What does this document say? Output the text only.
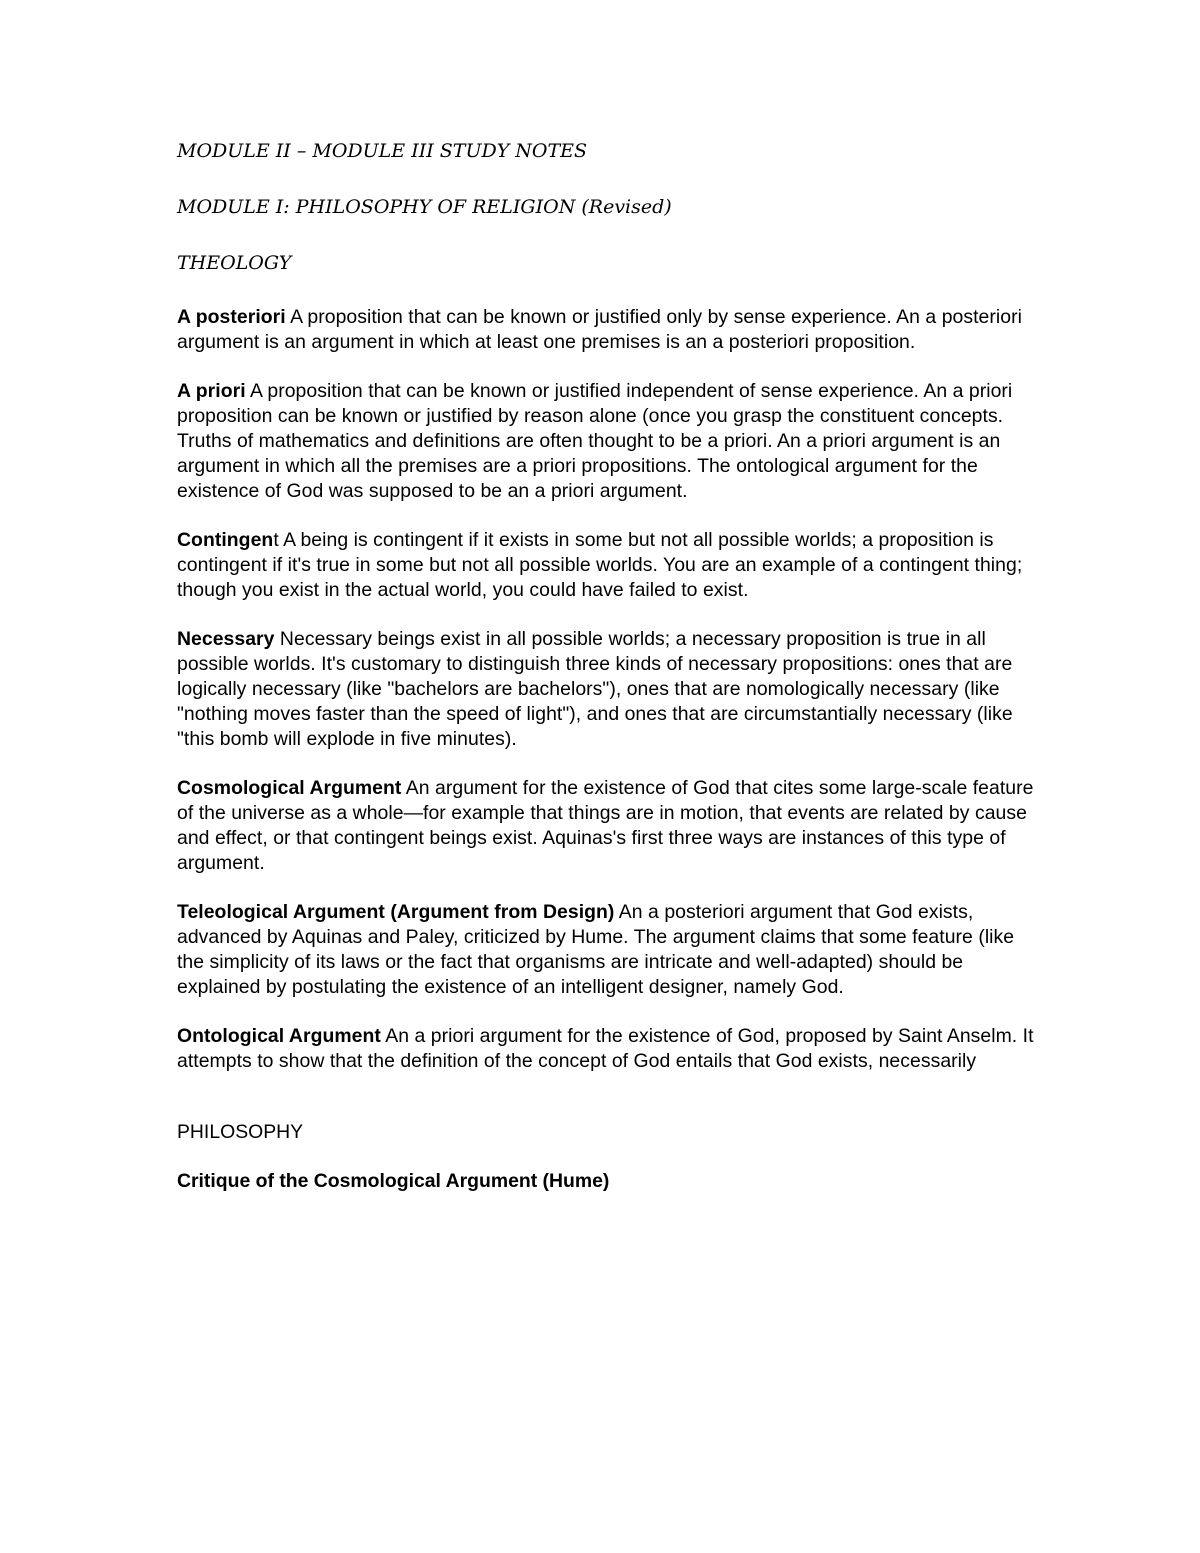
MODULE II – MODULE III STUDY NOTES
MODULE I: PHILOSOPHY OF RELIGION (Revised)
THEOLOGY
A posteriori A proposition that can be known or justified only by sense experience. An a posteriori argument is an argument in which at least one premises is an a posteriori proposition.
A priori A proposition that can be known or justified independent of sense experience. An a priori proposition can be known or justified by reason alone (once you grasp the constituent concepts. Truths of mathematics and definitions are often thought to be a priori. An a priori argument is an argument in which all the premises are a priori propositions. The ontological argument for the existence of God was supposed to be an a priori argument.
Contingent A being is contingent if it exists in some but not all possible worlds; a proposition is contingent if it's true in some but not all possible worlds. You are an example of a contingent thing; though you exist in the actual world, you could have failed to exist.
Necessary Necessary beings exist in all possible worlds; a necessary proposition is true in all possible worlds. It's customary to distinguish three kinds of necessary propositions: ones that are logically necessary (like "bachelors are bachelors"), ones that are nomologically necessary (like "nothing moves faster than the speed of light"), and ones that are circumstantially necessary (like "this bomb will explode in five minutes).
Cosmological Argument An argument for the existence of God that cites some large-scale feature of the universe as a whole—for example that things are in motion, that events are related by cause and effect, or that contingent beings exist. Aquinas's first three ways are instances of this type of argument.
Teleological Argument (Argument from Design) An a posteriori argument that God exists, advanced by Aquinas and Paley, criticized by Hume. The argument claims that some feature (like the simplicity of its laws or the fact that organisms are intricate and well-adapted) should be explained by postulating the existence of an intelligent designer, namely God.
Ontological Argument An a priori argument for the existence of God, proposed by Saint Anselm. It attempts to show that the definition of the concept of God entails that God exists, necessarily
PHILOSOPHY
Critique of the Cosmological Argument (Hume)
